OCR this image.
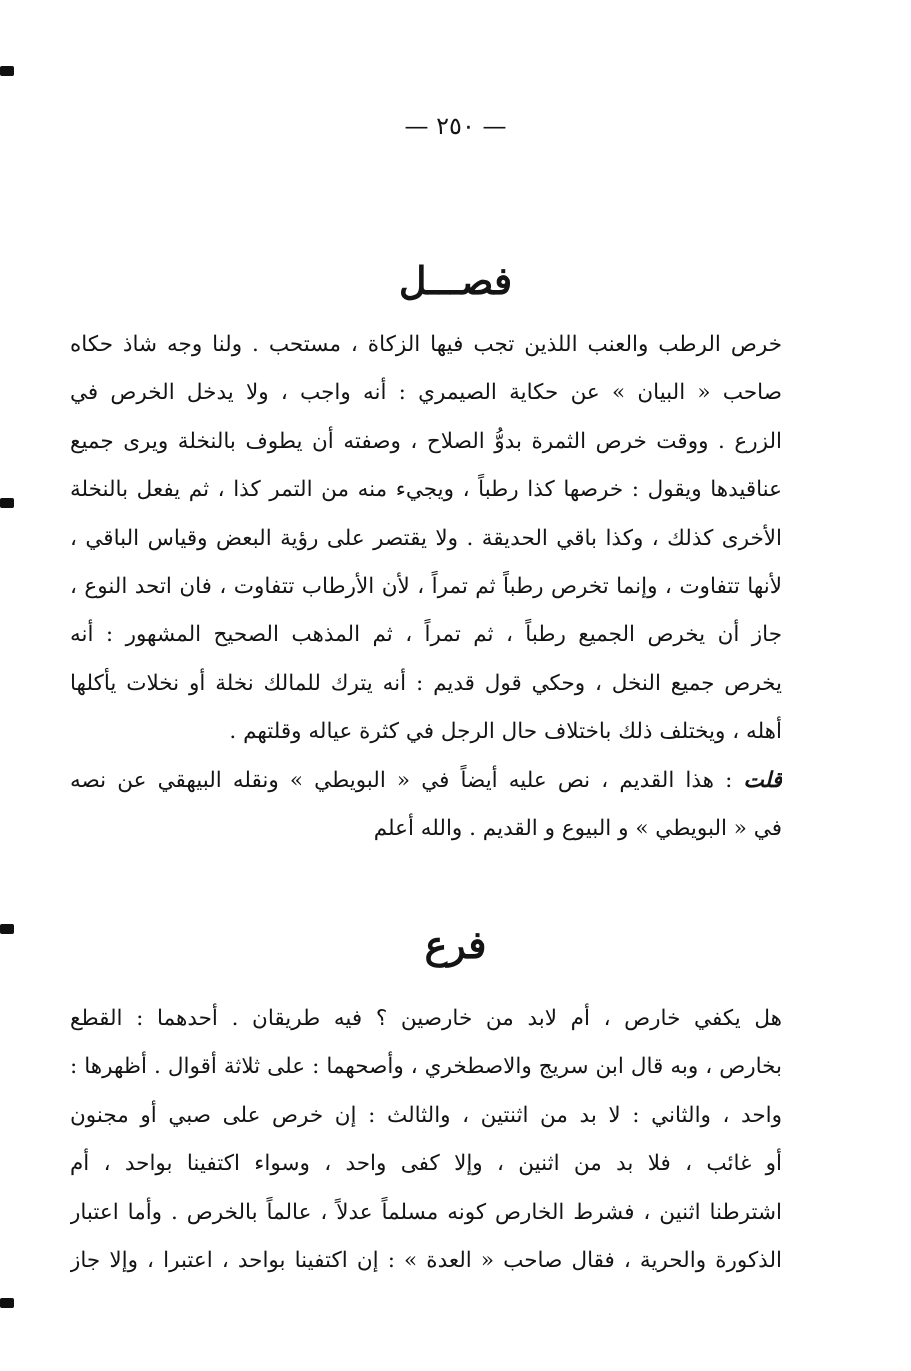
— ٢٥٠ —
فصـــل
خرص الرطب والعنب اللذين تجب فيها الزكاة ، مستحب . ولنا وجه شاذ حكاه
صاحب « البيان » عن حكاية الصيمري : أنه واجب ، ولا يدخل الخرص في
الزرع . ووقت خرص الثمرة بدوُّ الصلاح ، وصفته أن يطوف بالنخلة ويرى جميع
عناقيدها ويقول : خرصها كذا رطباً ، ويجيء منه من التمر كذا ، ثم يفعل بالنخلة
الأخرى كذلك ، وكذا باقي الحديقة . ولا يقتصر على رؤية البعض وقياس الباقي ،
لأنها تتفاوت ، وإنما تخرص رطباً ثم تمراً ، لأن الأرطاب تتفاوت ، فان اتحد النوع ،
جاز أن يخرص الجميع رطباً ، ثم تمراً ، ثم المذهب الصحيح المشهور : أنه
يخرص جميع النخل ، وحكي قول قديم : أنه يترك للمالك نخلة أو نخلات يأكلها
أهله ، ويختلف ذلك باختلاف حال الرجل في كثرة عياله وقلتهم .
قلت : هذا القديم ، نص عليه أيضاً في « البويطي » ونقله البيهقي عن نصه
في « البويطي » و البيوع و القديم . والله أعلم
فرع
هل يكفي خارص ، أم لابد من خارصين ؟ فيه طريقان . أحدهما : القطع
بخارص ، وبه قال ابن سريج والاصطخري ، وأصحهما : على ثلاثة أقوال . أظهرها :
واحد ، والثاني : لا بد من اثنتين ، والثالث : إن خرص على صبي أو مجنون
أو غائب ، فلا بد من اثنين ، وإلا كفى واحد ، وسواء اكتفينا بواحد ، أم
اشترطنا اثنين ، فشرط الخارص كونه مسلماً عدلاً ، عالماً بالخرص . وأما اعتبار
الذكورة والحرية ، فقال صاحب « العدة » : إن اكتفينا بواحد ، اعتبرا ، وإلا جاز
